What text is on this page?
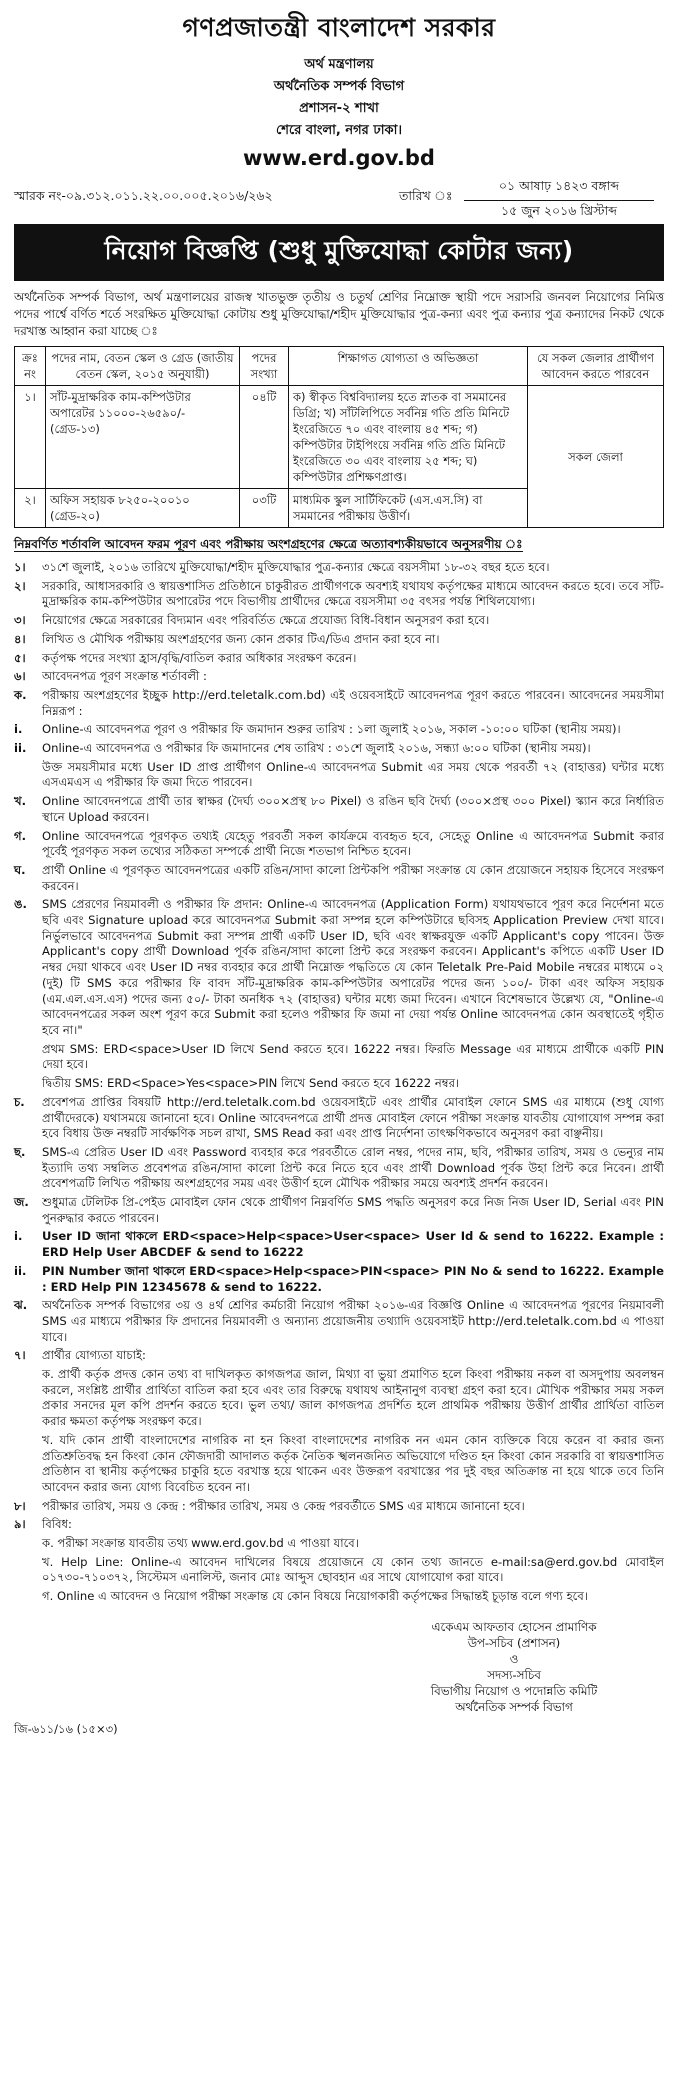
গণপ্রজাতন্ত্রী বাংলাদেশ সরকার
অর্থ মন্ত্রণালয়
অর্থনৈতিক সম্পর্ক বিভাগ
প্রশাসন-২ শাখা
শেরে বাংলা, নগর ঢাকা।
www.erd.gov.bd
স্মারক নং-০৯.৩১২.০১১.২২.০০.০০৫.২০১৬/২৬২	তারিখ ঃ
০১ আষাঢ় ১৪২৩ বঙ্গাব্দ
১৫ জুন ২০১৬ খ্রিস্টাব্দ
নিয়োগ বিজ্ঞপ্তি (শুধু মুক্তিযোদ্ধা কোটার জন্য)
অর্থনৈতিক সম্পর্ক বিভাগ, অর্থ মন্ত্রণালয়ের রাজস্ব খাতভুক্ত তৃতীয় ও চতুর্থ শ্রেণির নিম্নোক্ত স্থায়ী পদে সরাসরি জনবল নিয়োগের নিমিত্ত পদের পার্শ্বে বর্ণিত শর্তে সংরক্ষিত মুক্তিযোদ্ধা কোটায় শুধু মুক্তিযোদ্ধা/শহীদ মুক্তিযোদ্ধার পুত্র-কন্যা এবং পুত্র কন্যার পুত্র কন্যাদের নিকট থেকে দরখাস্ত আহ্বান করা যাচ্ছে ঃ
ক্রঃ নং	পদের নাম, বেতন স্কেল ও গ্রেড (জাতীয় বেতন স্কেল, ২০১৫ অনুযায়ী)	পদের সংখ্যা	শিক্ষাগত যোগ্যতা ও অভিজ্ঞতা	যে সকল জেলার প্রার্থীগণ আবেদন করতে পারবেন
১।	সাঁট-মুদ্রাক্ষরিক কাম-কম্পিউটার অপারেটর ১১০০০-২৬৫৯০/- (গ্রেড-১৩)	০৪টি	ক) স্বীকৃত বিশ্ববিদ্যালয় হতে স্নাতক বা সমমানের ডিগ্রি; খ) সাঁটলিপিতে সর্বনিম্ন গতি প্রতি মিনিটে ইংরেজিতে ৭০ এবং বাংলায় ৪৫ শব্দ; গ) কম্পিউটার টাইপিংয়ে সর্বনিম্ন গতি প্রতি মিনিটে ইংরেজিতে ৩০ এবং বাংলায় ২৫ শব্দ; ঘ) কম্পিউটার প্রশিক্ষণপ্রাপ্ত।	সকল জেলা
২।	অফিস সহায়ক ৮২৫০-২০০১০ (গ্রেড-২০)	০৩টি	মাধ্যমিক স্কুল সার্টিফিকেট (এস.এস.সি) বা সমমানের পরীক্ষায় উত্তীর্ণ।	
নিম্নবর্ণিত শর্তাবলি আবেদন ফরম পূরণ এবং পরীক্ষায় অংশগ্রহণের ক্ষেত্রে অত্যাবশ্যকীয়ভাবে অনুসরণীয় ঃ
১।	৩১শে জুলাই, ২০১৬ তারিখে মুক্তিযোদ্ধা/শহীদ মুক্তিযোদ্ধার পুত্র-কন্যার ক্ষেত্রে বয়সসীমা ১৮-৩২ বছর হতে হবে।
২।	সরকারি, আধাসরকারি ও স্বায়ত্তশাসিত প্রতিষ্ঠানে চাকুরীরত প্রার্থীগণকে অবশ্যই যথাযথ কর্তৃপক্ষের মাধ্যমে আবেদন করতে হবে। তবে সাঁট-মুদ্রাক্ষরিক কাম-কম্পিউটার অপারেটর পদে বিভাগীয় প্রার্থীদের ক্ষেত্রে বয়সসীমা ৩৫ বৎসর পর্যন্ত শিথিলযোগ্য।
৩।	নিয়োগের ক্ষেত্রে সরকারের বিদ্যমান এবং পরিবর্তিত ক্ষেত্রে প্রযোজ্য বিধি-বিধান অনুসরণ করা হবে।
৪।	লিখিত ও মৌখিক পরীক্ষায় অংশগ্রহণের জন্য কোন প্রকার টিএ/ডিএ প্রদান করা হবে না।
৫।	কর্তৃপক্ষ পদের সংখ্যা হ্রাস/বৃদ্ধি/বাতিল করার অধিকার সংরক্ষণ করেন।
৬।	আবেদনপত্র পূরণ সংক্রান্ত শর্তাবলী :
ক.	পরীক্ষায় অংশগ্রহণের ইচ্ছুক http://erd.teletalk.com.bd) এই ওয়েবসাইটে আবেদনপত্র পূরণ করতে পারবেন। আবেদনের সময়সীমা নিম্নরূপ :
i.	Online-এ আবেদনপত্র পূরণ ও পরীক্ষার ফি জমাদান শুরুর তারিখ : ১লা জুলাই ২০১৬, সকাল -১০:০০ ঘটিকা (স্থানীয় সময়)।
ii.	Online-এ আবেদনপত্র ও পরীক্ষার ফি জমাদানের শেষ তারিখ : ৩১শে জুলাই ২০১৬, সন্ধ্যা ৬:০০ ঘটিকা (স্থানীয় সময়)।
উক্ত সময়সীমার মধ্যে User ID প্রাপ্ত প্রার্থীগণ Online-এ আবেদনপত্র Submit এর সময় থেকে পরবর্তী ৭২ (বাহাত্তর) ঘন্টার মধ্যে এসএমএস এ পরীক্ষার ফি জমা দিতে পারবেন।
খ.	Online আবেদনপত্রে প্রার্থী তার স্বাক্ষর (দৈর্ঘ্য ৩০০×প্রস্থ ৮০ Pixel) ও রঙিন ছবি দৈর্ঘ্য (৩০০×প্রস্থ ৩০০ Pixel) স্ক্যান করে নির্ধারিত স্থানে Upload করবেন।
গ.	Online আবেদনপত্রে পূরণকৃত তথ্যই যেহেতু পরবর্তী সকল কার্যক্রমে ব্যবহৃত হবে, সেহেতু Online এ আবেদনপত্র Submit করার পূর্বেই পূরণকৃত সকল তথ্যের সঠিকতা সম্পর্কে প্রার্থী নিজে শতভাগ নিশ্চিত হবেন।
ঘ.	প্রার্থী Online এ পূরণকৃত আবেদনপত্রের একটি রঙিন/সাদা কালো প্রিন্টকপি পরীক্ষা সংক্রান্ত যে কোন প্রয়োজনে সহায়ক হিসেবে সংরক্ষণ করবেন।
ঙ.	SMS প্রেরণের নিয়মাবলী ও পরীক্ষার ফি প্রদান: Online-এ আবেদনপত্র (Application Form) যথাযথভাবে পূরণ করে নির্দেশনা মতে ছবি এবং Signature upload করে আবেদনপত্র Submit করা সম্পন্ন হলে কম্পিউটারে ছবিসহ Application Preview দেখা যাবে। নির্ভুলভাবে আবেদনপত্র Submit করা সম্পন্ন প্রার্থী একটি User ID, ছবি এবং স্বাক্ষরযুক্ত একটি Applicant's copy পাবেন। উক্ত Applicant's copy প্রার্থী Download পূর্বক রঙিন/সাদা কালো প্রিন্ট করে সংরক্ষণ করবেন। Applicant's কপিতে একটি User ID নম্বর দেয়া থাকবে এবং User ID নম্বর ব্যবহার করে প্রার্থী নিম্নোক্ত পদ্ধতিতে যে কোন Teletalk Pre-Paid Mobile নম্বরের মাধ্যমে ০২ (দুই) টি SMS করে পরীক্ষার ফি বাবদ সাঁট-মুদ্রাক্ষরিক কাম-কম্পিউটার অপারেটর পদের জন্য ১০০/- টাকা এবং অফিস সহায়ক (এম.এল.এস.এস) পদের জন্য ৫০/- টাকা অনধিক ৭২ (বাহাত্তর) ঘন্টার মধ্যে জমা দিবেন। এখানে বিশেষভাবে উল্লেখ্য যে, "Online-এ আবেদনপত্রের সকল অংশ পূরণ করে Submit করা হলেও পরীক্ষার ফি জমা না দেয়া পর্যন্ত Online আবেদনপত্র কোন অবস্থাতেই গৃহীত হবে না।"
প্রথম SMS: ERD<space>User ID লিখে Send করতে হবে। 16222 নম্বর। ফিরতি Message এর মাধ্যমে প্রার্থীকে একটি PIN দেয়া হবে।
দ্বিতীয় SMS: ERD<Space>Yes<space>PIN লিখে Send করতে হবে 16222 নম্বর।
চ.	প্রবেশপত্র প্রাপ্তির বিষয়টি http://erd.teletalk.com.bd ওয়েবসাইটে এবং প্রার্থীর মোবাইল ফোনে SMS এর মাধ্যমে (শুধু যোগ্য প্রার্থীদেরকে) যথাসময়ে জানানো হবে। Online আবেদনপত্রে প্রার্থী প্রদত্ত মোবাইল ফোনে পরীক্ষা সংক্রান্ত যাবতীয় যোগাযোগ সম্পন্ন করা হবে বিধায় উক্ত নম্বরটি সার্বক্ষণিক সচল রাখা, SMS Read করা এবং প্রাপ্ত নির্দেশনা তাৎক্ষণিকভাবে অনুসরণ করা বাঞ্ছনীয়।
ছ.	SMS-এ প্রেরিত User ID এবং Password ব্যবহার করে পরবর্তীতে রোল নম্বর, পদের নাম, ছবি, পরীক্ষার তারিখ, সময় ও ভেন্যুর নাম ইত্যাদি তথ্য সম্বলিত প্রবেশপত্র রঙিন/সাদা কালো প্রিন্ট করে নিতে হবে এবং প্রার্থী Download পূর্বক উহা প্রিন্ট করে নিবেন। প্রার্থী প্রবেশপত্রটি লিখিত পরীক্ষায় অংশগ্রহণের সময় এবং উত্তীর্ণ হলে মৌখিক পরীক্ষার সময়ে অবশ্যই প্রদর্শন করবেন।
জ.	শুধুমাত্র টেলিটক প্রি-পেইড মোবাইল ফোন থেকে প্রার্থীগণ নিম্নবর্ণিত SMS পদ্ধতি অনুসরণ করে নিজ নিজ User ID, Serial এবং PIN পুনরুদ্ধার করতে পারবেন।
i.	User ID জানা থাকলে ERD<space>Help<space>User<space> User Id & send to 16222. Example : ERD Help User ABCDEF & send to 16222
ii.	PIN Number জানা থাকলে ERD<space>Help<space>PIN<space> PIN No & send to 16222. Example : ERD Help PIN 12345678 & send to 16222.
ঝ.	অর্থনৈতিক সম্পর্ক বিভাগের ৩য় ও ৪র্থ শ্রেণির কর্মচারী নিয়োগ পরীক্ষা ২০১৬-এর বিজ্ঞপ্তি Online এ আবেদনপত্র পূরণের নিয়মাবলী SMS এর মাধ্যমে পরীক্ষার ফি প্রদানের নিয়মাবলী ও অন্যান্য প্রয়োজনীয় তথ্যাদি ওয়েবসাইট http://erd.teletalk.com.bd এ পাওয়া যাবে।
৭।	প্রার্থীর যোগ্যতা যাচাই:
ক. প্রার্থী কর্তৃক প্রদত্ত কোন তথ্য বা দাখিলকৃত কাগজপত্র জাল, মিথ্যা বা ভুয়া প্রমাণিত হলে কিংবা পরীক্ষায় নকল বা অসদুপায় অবলম্বন করলে, সংশ্লিষ্ট প্রার্থীর প্রার্থিতা বাতিল করা হবে এবং তার বিরুদ্ধে যথাযথ আইনানুগ ব্যবস্থা গ্রহণ করা হবে। মৌখিক পরীক্ষার সময় সকল প্রকার সনদের মূল কপি প্রদর্শন করতে হবে। ভুল তথ্য/ জাল কাগজপত্র প্রদর্শিত হলে প্রাথমিক পরীক্ষায় উত্তীর্ণ প্রার্থীর প্রার্থিতা বাতিল করার ক্ষমতা কর্তৃপক্ষ সংরক্ষণ করে।
খ. যদি কোন প্রার্থী বাংলাদেশের নাগরিক না হন কিংবা বাংলাদেশের নাগরিক নন এমন কোন ব্যক্তিকে বিয়ে করেন বা করার জন্য প্রতিশ্রুতিবদ্ধ হন কিংবা কোন ফৌজদারী আদালত কর্তৃক নৈতিক স্খলনজনিত অভিযোগে দণ্ডিত হন কিংবা কোন সরকারি বা স্বায়ত্তশাসিত প্রতিষ্ঠান বা স্থানীয় কর্তৃপক্ষের চাকুরি হতে বরখাস্ত হয়ে থাকেন এবং উক্তরূপ বরখাস্তের পর দুই বছর অতিক্রান্ত না হয়ে থাকে তবে তিনি আবেদন করার জন্য যোগ্য বিবেচিত হবেন না।
৮।	পরীক্ষার তারিখ, সময় ও কেন্দ্র : পরীক্ষার তারিখ, সময় ও কেন্দ্র পরবর্তীতে SMS এর মাধ্যমে জানানো হবে।
৯।	বিবিধ:
ক. পরীক্ষা সংক্রান্ত যাবতীয় তথ্য www.erd.gov.bd এ পাওয়া যাবে।
খ. Help Line: Online-এ আবেদন দাখিলের বিষয়ে প্রয়োজনে যে কোন তথ্য জানতে e-mail:sa@erd.gov.bd মোবাইল ০১৭৩০-৭১০৩৭২, সিস্টেমস এনালিস্ট, জনাব মোঃ আব্দুস ছোবহান এর সাথে যোগাযোগ করা যাবে।
গ. Online এ আবেদন ও নিয়োগ পরীক্ষা সংক্রান্ত যে কোন বিষয়ে নিয়োগকারী কর্তৃপক্ষের সিদ্ধান্তই চূড়ান্ত বলে গণ্য হবে।
একেএম আফতাব হোসেন প্রামাণিক
উপ-সচিব (প্রশাসন)
ও
সদস্য-সচিব
বিভাগীয় নিয়োগ ও পদোন্নতি কমিটি
অর্থনৈতিক সম্পর্ক বিভাগ
জি-৬১১/১৬ (১৫×৩)
